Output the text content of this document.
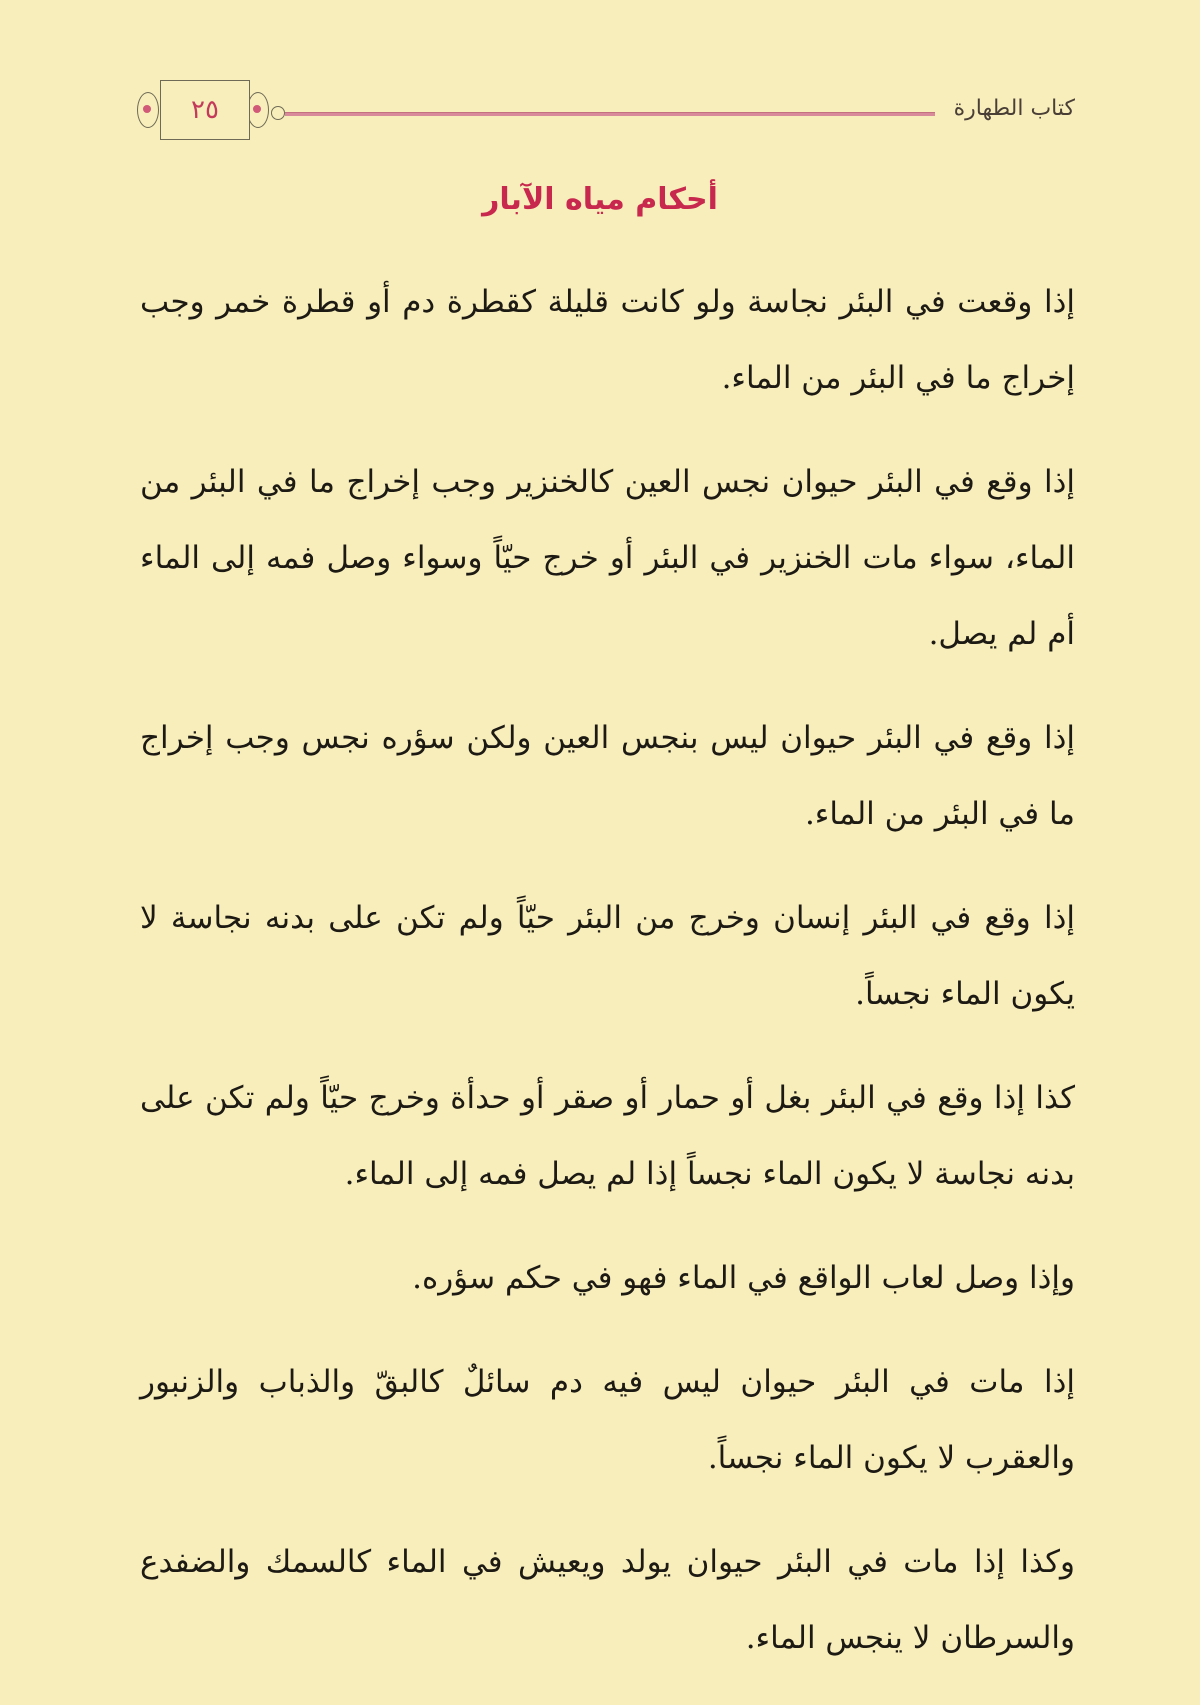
كتاب الطهارة
٢٥
أحكام مياه الآبار

إذا وقعت في البئر نجاسة ولو كانت قليلة كقطرة دم أو قطرة خمر وجب إخراج ما في البئر من الماء.

إذا وقع في البئر حيوان نجس العين كالخنزير وجب إخراج ما في البئر من الماء، سواء مات الخنزير في البئر أو خرج حيّاً وسواء وصل فمه إلى الماء أم لم يصل.

إذا وقع في البئر حيوان ليس بنجس العين ولكن سؤره نجس وجب إخراج ما في البئر من الماء.

إذا وقع في البئر إنسان وخرج من البئر حيّاً ولم تكن على بدنه نجاسة لا يكون الماء نجساً.

كذا إذا وقع في البئر بغل أو حمار أو صقر أو حدأة وخرج حيّاً ولم تكن على بدنه نجاسة لا يكون الماء نجساً إذا لم يصل فمه إلى الماء.

وإذا وصل لعاب الواقع في الماء فهو في حكم سؤره.

إذا مات في البئر حيوان ليس فيه دم سائلٌ كالبقّ والذباب والزنبور والعقرب لا يكون الماء نجساً.

وكذا إذا مات في البئر حيوان يولد ويعيش في الماء كالسمك والضفدع والسرطان لا ينجس الماء.
